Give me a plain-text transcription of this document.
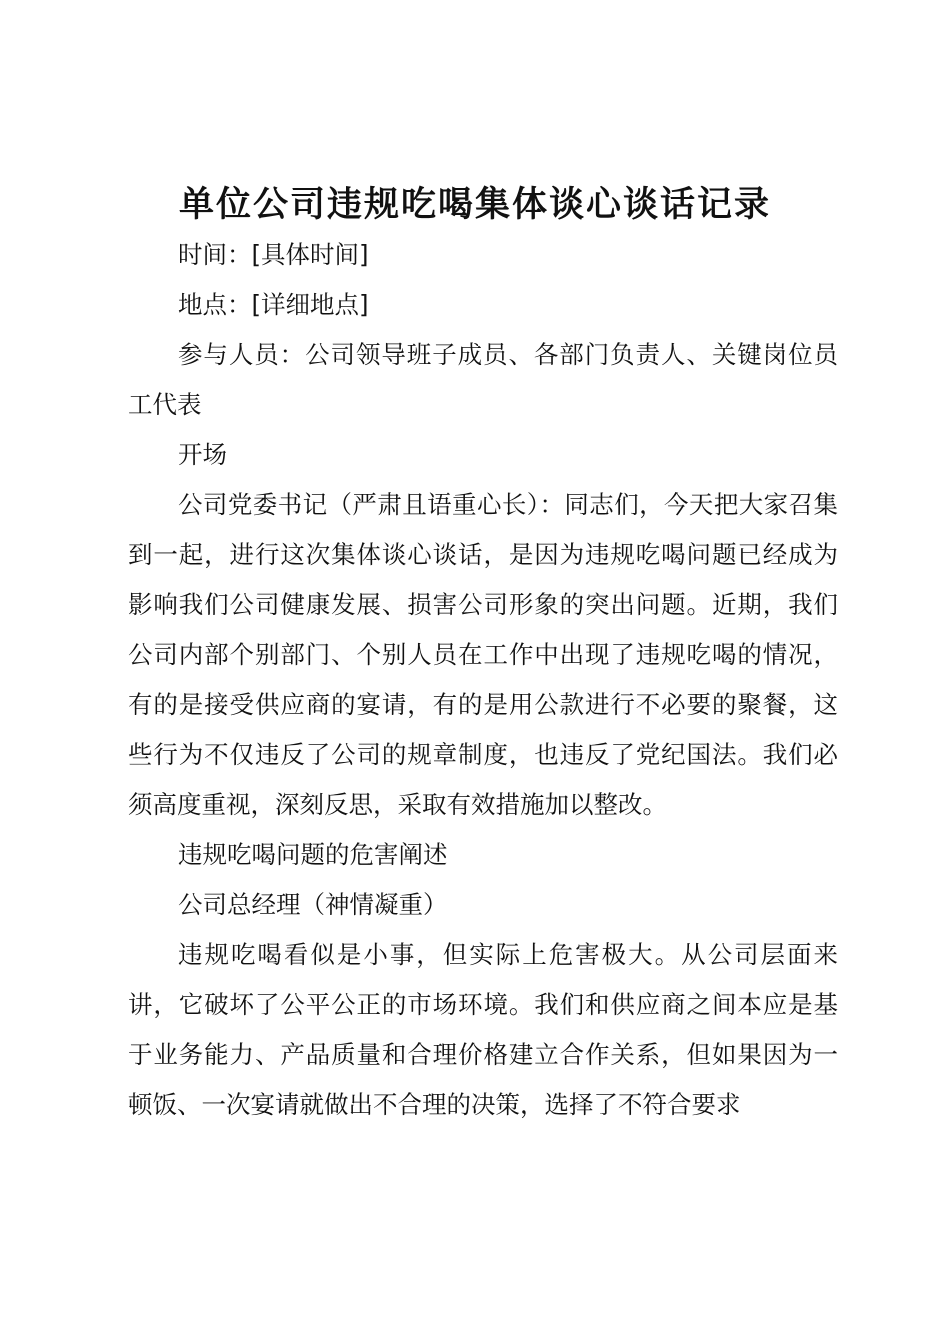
单位公司违规吃喝集体谈心谈话记录

时间：[具体时间]

地点：[详细地点]

参与人员：公司领导班子成员、各部门负责人、关键岗位员工代表

开场

公司党委书记（严肃且语重心长）：同志们，今天把大家召集到一起，进行这次集体谈心谈话，是因为违规吃喝问题已经成为影响我们公司健康发展、损害公司形象的突出问题。近期，我们公司内部个别部门、个别人员在工作中出现了违规吃喝的情况，有的是接受供应商的宴请，有的是用公款进行不必要的聚餐，这些行为不仅违反了公司的规章制度，也违反了党纪国法。我们必须高度重视，深刻反思，采取有效措施加以整改。

违规吃喝问题的危害阐述

公司总经理（神情凝重）

违规吃喝看似是小事，但实际上危害极大。从公司层面来讲，它破坏了公平公正的市场环境。我们和供应商之间本应是基于业务能力、产品质量和合理价格建立合作关系，但如果因为一顿饭、一次宴请就做出不合理的决策，选择了不符合要求
